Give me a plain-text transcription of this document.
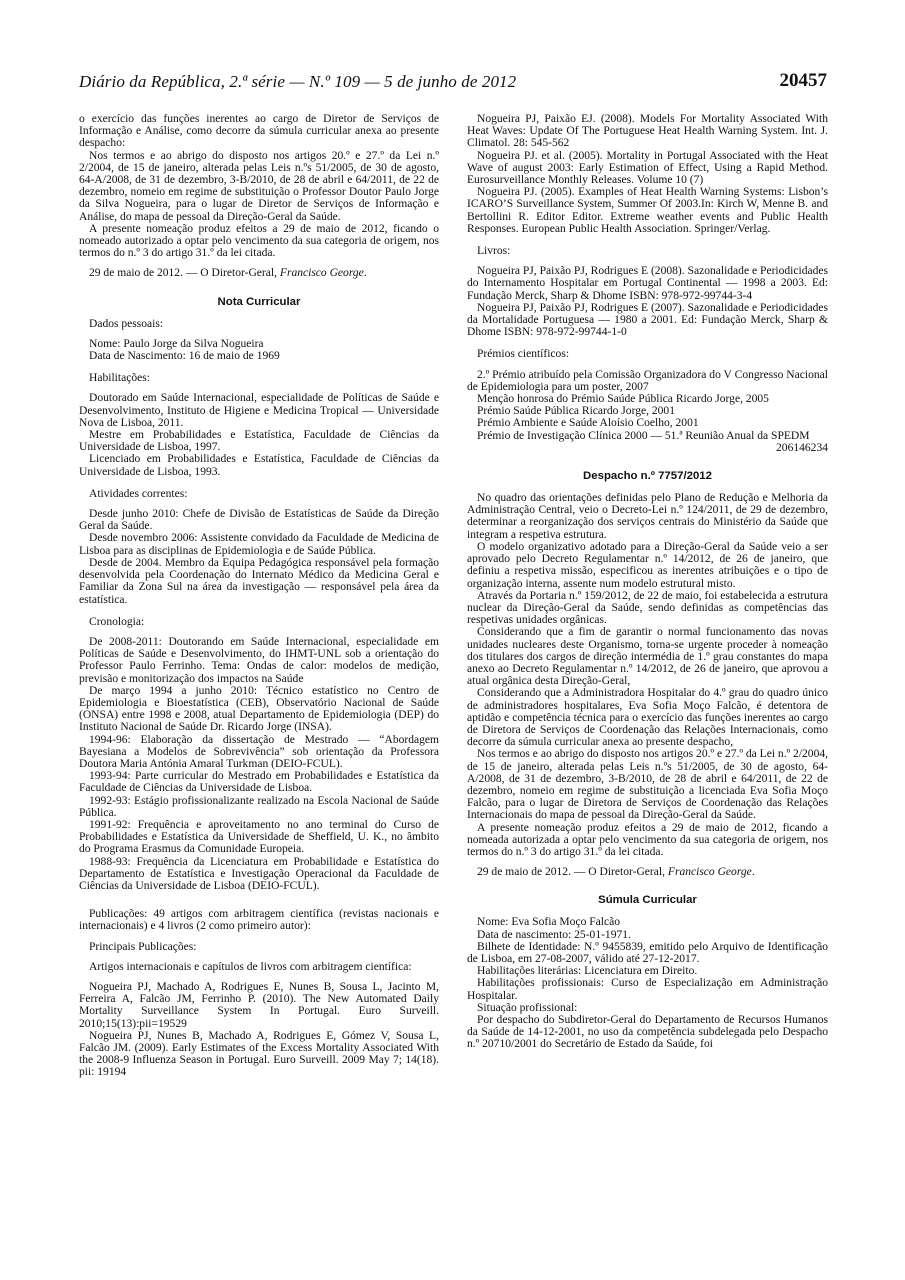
Diário da República, 2.ª série — N.º 109 — 5 de junho de 2012	20457

o exercício das funções inerentes ao cargo de Diretor de Serviços de Informação e Análise, como decorre da súmula curricular anexa ao presente despacho:

Nos termos e ao abrigo do disposto nos artigos 20.º e 27.º da Lei n.º 2/2004, de 15 de janeiro, alterada pelas Leis n.ºs 51/2005, de 30 de agosto, 64-A/2008, de 31 de dezembro, 3-B/2010, de 28 de abril e 64/2011, de 22 de dezembro, nomeio em regime de substituição o Professor Doutor Paulo Jorge da Silva Nogueira, para o lugar de Diretor de Serviços de Informação e Análise, do mapa de pessoal da Direção-Geral da Saúde.

A presente nomeação produz efeitos a 29 de maio de 2012, ficando o nomeado autorizado a optar pelo vencimento da sua categoria de origem, nos termos do n.º 3 do artigo 31.º da lei citada.

29 de maio de 2012. — O Diretor-Geral, Francisco George.

Nota Curricular

Dados pessoais:

Nome: Paulo Jorge da Silva Nogueira

Data de Nascimento: 16 de maio de 1969

Habilitações:

Doutorado em Saúde Internacional, especialidade de Políticas de Saúde e Desenvolvimento, Instituto de Higiene e Medicina Tropical — Universidade Nova de Lisboa, 2011.

Mestre em Probabilidades e Estatística, Faculdade de Ciências da Universidade de Lisboa, 1997.

Licenciado em Probabilidades e Estatística, Faculdade de Ciências da Universidade de Lisboa, 1993.

Atividades correntes:

Desde junho 2010: Chefe de Divisão de Estatísticas de Saúde da Direção Geral da Saúde.

Desde novembro 2006: Assistente convidado da Faculdade de Medicina de Lisboa para as disciplinas de Epidemiologia e de Saúde Pública.

Desde de 2004. Membro da Equipa Pedagógica responsável pela formação desenvolvida pela Coordenação do Internato Médico da Medicina Geral e Familiar da Zona Sul na área da investigação — responsável pela área da estatística.

Cronologia:

De 2008-2011: Doutorando em Saúde Internacional, especialidade em Políticas de Saúde e Desenvolvimento, do IHMT-UNL sob a orientação do Professor Paulo Ferrinho. Tema: Ondas de calor: modelos de medição, previsão e monitorização dos impactos na Saúde

De março 1994 a junho 2010: Técnico estatístico no Centro de Epidemiologia e Bioestatística (CEB), Observatório Nacional de Saúde (ONSA) entre 1998 e 2008, atual Departamento de Epidemiologia (DEP) do Instituto Nacional de Saúde Dr. Ricardo Jorge (INSA).

1994-96: Elaboração da dissertação de Mestrado — “Abordagem Bayesiana a Modelos de Sobrevivência” sob orientação da Professora Doutora Maria Antónia Amaral Turkman (DEIO-FCUL).

1993-94: Parte curricular do Mestrado em Probabilidades e Estatística da Faculdade de Ciências da Universidade de Lisboa.

1992-93: Estágio profissionalizante realizado na Escola Nacional de Saúde Pública.

1991-92: Frequência e aproveitamento no ano terminal do Curso de Probabilidades e Estatística da Universidade de Sheffield, U. K., no âmbito do Programa Erasmus da Comunidade Europeia.

1988-93: Frequência da Licenciatura em Probabilidade e Estatística do Departamento de Estatística e Investigação Operacional da Faculdade de Ciências da Universidade de Lisboa (DEIO-FCUL).

Publicações: 49 artigos com arbitragem científica (revistas nacionais e internacionais) e 4 livros (2 como primeiro autor):

Principais Publicações:

Artigos internacionais e capítulos de livros com arbitragem científica:

Nogueira PJ, Machado A, Rodrigues E, Nunes B, Sousa L, Jacinto M, Ferreira A, Falcão JM, Ferrinho P. (2010). The New Automated Daily Mortality Surveillance System In Portugal. Euro Surveill. 2010;15(13):pii=19529

Nogueira PJ, Nunes B, Machado A, Rodrigues E, Gómez V, Sousa L, Falcão JM. (2009). Early Estimates of the Excess Mortality Associated With the 2008-9 Influenza Season in Portugal. Euro Surveill. 2009 May 7; 14(18). pii: 19194

Nogueira PJ, Paixão EJ. (2008). Models For Mortality Associated With Heat Waves: Update Of The Portuguese Heat Health Warning System. Int. J. Climatol. 28: 545-562

Nogueira PJ. et al. (2005). Mortality in Portugal Associated with the Heat Wave of august 2003: Early Estimation of Effect, Using a Rapid Method. Eurosurveillance Monthly Releases. Volume 10 (7)

Nogueira PJ. (2005). Examples of Heat Health Warning Systems: Lisbon’s ICARO’S Surveillance System, Summer Of 2003.In: Kirch W, Menne B. and Bertollini R. Editor Editor. Extreme weather events and Public Health Responses. European Public Health Association. Springer/Verlag.

Livros:

Nogueira PJ, Paixão PJ, Rodrigues E (2008). Sazonalidade e Periodicidades do Internamento Hospitalar em Portugal Continental — 1998 a 2003. Ed: Fundação Merck, Sharp & Dhome ISBN: 978-972-99744-3-4

Nogueira PJ, Paixão PJ, Rodrigues E (2007). Sazonalidade e Periodicidades da Mortalidade Portuguesa — 1980 a 2001. Ed: Fundação Merck, Sharp & Dhome ISBN: 978-972-99744-1-0

Prémios científicos:

2.º Prémio atribuído pela Comissão Organizadora do V Congresso Nacional de Epidemiologia para um poster, 2007

Menção honrosa do Prémio Saúde Pública Ricardo Jorge, 2005

Prémio Saúde Pública Ricardo Jorge, 2001

Prémio Ambiente e Saúde Aloísio Coelho, 2001

Prémio de Investigação Clínica 2000 — 51.ª Reunião Anual da SPEDM

206146234

Despacho n.º 7757/2012

No quadro das orientações definidas pelo Plano de Redução e Melhoria da Administração Central, veio o Decreto-Lei n.º 124/2011, de 29 de dezembro, determinar a reorganização dos serviços centrais do Ministério da Saúde que integram a respetiva estrutura.

O modelo organizativo adotado para a Direção-Geral da Saúde veio a ser aprovado pelo Decreto Regulamentar n.º 14/2012, de 26 de janeiro, que definiu a respetiva missão, especificou as inerentes atribuições e o tipo de organização interna, assente num modelo estrutural misto.

Através da Portaria n.º 159/2012, de 22 de maio, foi estabelecida a estrutura nuclear da Direção-Geral da Saúde, sendo definidas as competências das respetivas unidades orgânicas.

Considerando que a fim de garantir o normal funcionamento das novas unidades nucleares deste Organismo, torna-se urgente proceder à nomeação dos titulares dos cargos de direção intermédia de 1.º grau constantes do mapa anexo ao Decreto Regulamentar n.º 14/2012, de 26 de janeiro, que aprovou a atual orgânica desta Direção-Geral,

Considerando que a Administradora Hospitalar do 4.º grau do quadro único de administradores hospitalares, Eva Sofia Moço Falcão, é detentora de aptidão e competência técnica para o exercício das funções inerentes ao cargo de Diretora de Serviços de Coordenação das Relações Internacionais, como decorre da súmula curricular anexa ao presente despacho,

Nos termos e ao abrigo do disposto nos artigos 20.º e 27.º da Lei n.º 2/2004, de 15 de janeiro, alterada pelas Leis n.ºs 51/2005, de 30 de agosto, 64-A/2008, de 31 de dezembro, 3-B/2010, de 28 de abril e 64/2011, de 22 de dezembro, nomeio em regime de substituição a licenciada Eva Sofia Moço Falcão, para o lugar de Diretora de Serviços de Coordenação das Relações Internacionais do mapa de pessoal da Direção-Geral da Saúde.

A presente nomeação produz efeitos a 29 de maio de 2012, ficando a nomeada autorizada a optar pelo vencimento da sua categoria de origem, nos termos do n.º 3 do artigo 31.º da lei citada.

29 de maio de 2012. — O Diretor-Geral, Francisco George.

Súmula Curricular

Nome: Eva Sofia Moço Falcão

Data de nascimento: 25-01-1971.

Bilhete de Identidade: N.º 9455839, emitido pelo Arquivo de Identificação de Lisboa, em 27-08-2007, válido até 27-12-2017.

Habilitações literárias: Licenciatura em Direito.

Habilitações profissionais: Curso de Especialização em Administração Hospitalar.

Situação profissional:

Por despacho do Subdiretor-Geral do Departamento de Recursos Humanos da Saúde de 14-12-2001, no uso da competência subdelegada pelo Despacho n.º 20710/2001 do Secretário de Estado da Saúde, foi
